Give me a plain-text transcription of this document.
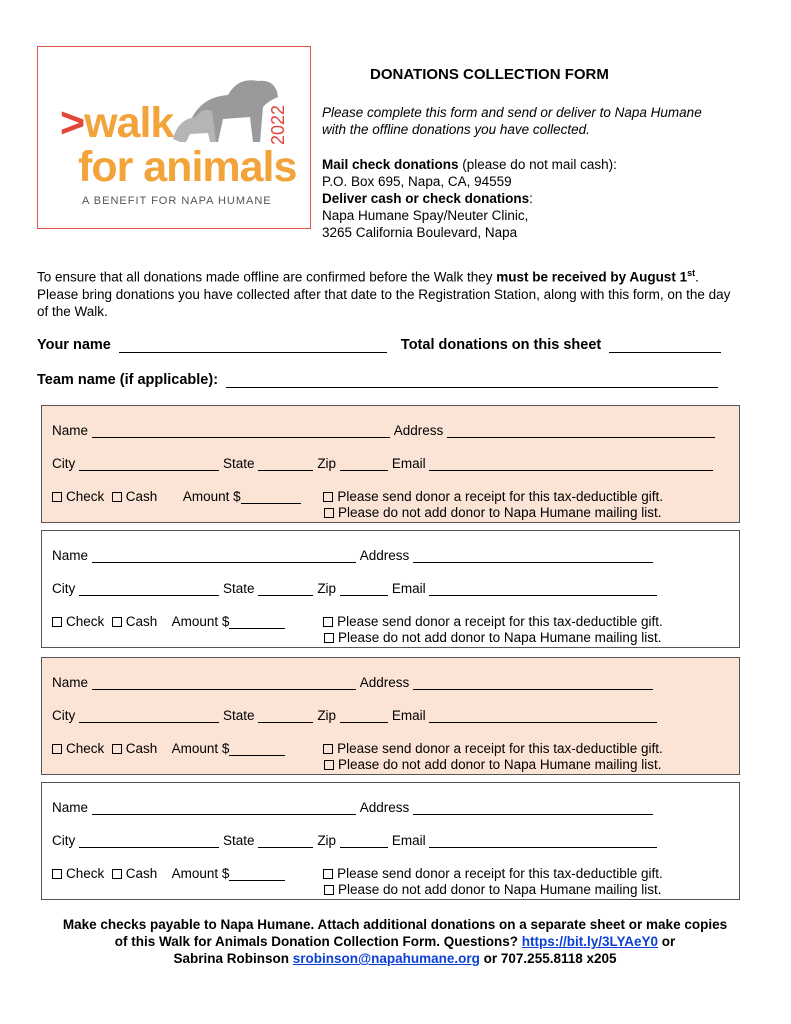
>walk
for animals
2022
A BENEFIT FOR NAPA HUMANE
DONATIONS COLLECTION FORM
Please complete this form and send or deliver to Napa Humane with the offline donations you have collected.
Mail check donations (please do not mail cash):
P.O. Box 695, Napa, CA, 94559
Deliver cash or check donations:
Napa Humane Spay/Neuter Clinic,
3265 California Boulevard, Napa
To ensure that all donations made offline are confirmed before the Walk they must be received by August 1st. Please bring donations you have collected after that date to the Registration Station, along with this form, on the day of the Walk.
Your name	Total donations on this sheet
Team name (if applicable):
Name	Address
City	State	Zip	Email
Check Cash Amount $	Please send donor a receipt for this tax-deductible gift.
Please do not add donor to Napa Humane mailing list.
Name	Address
City	State	Zip	Email
Check Cash Amount $	Please send donor a receipt for this tax-deductible gift.
Please do not add donor to Napa Humane mailing list.
Name	Address
City	State	Zip	Email
Check Cash Amount $	Please send donor a receipt for this tax-deductible gift.
Please do not add donor to Napa Humane mailing list.
Name	Address
City	State	Zip	Email
Check Cash Amount $	Please send donor a receipt for this tax-deductible gift.
Please do not add donor to Napa Humane mailing list.
Make checks payable to Napa Humane. Attach additional donations on a separate sheet or make copies
of this Walk for Animals Donation Collection Form. Questions? https://bit.ly/3LYAeY0 or
Sabrina Robinson srobinson@napahumane.org or 707.255.8118 x205
